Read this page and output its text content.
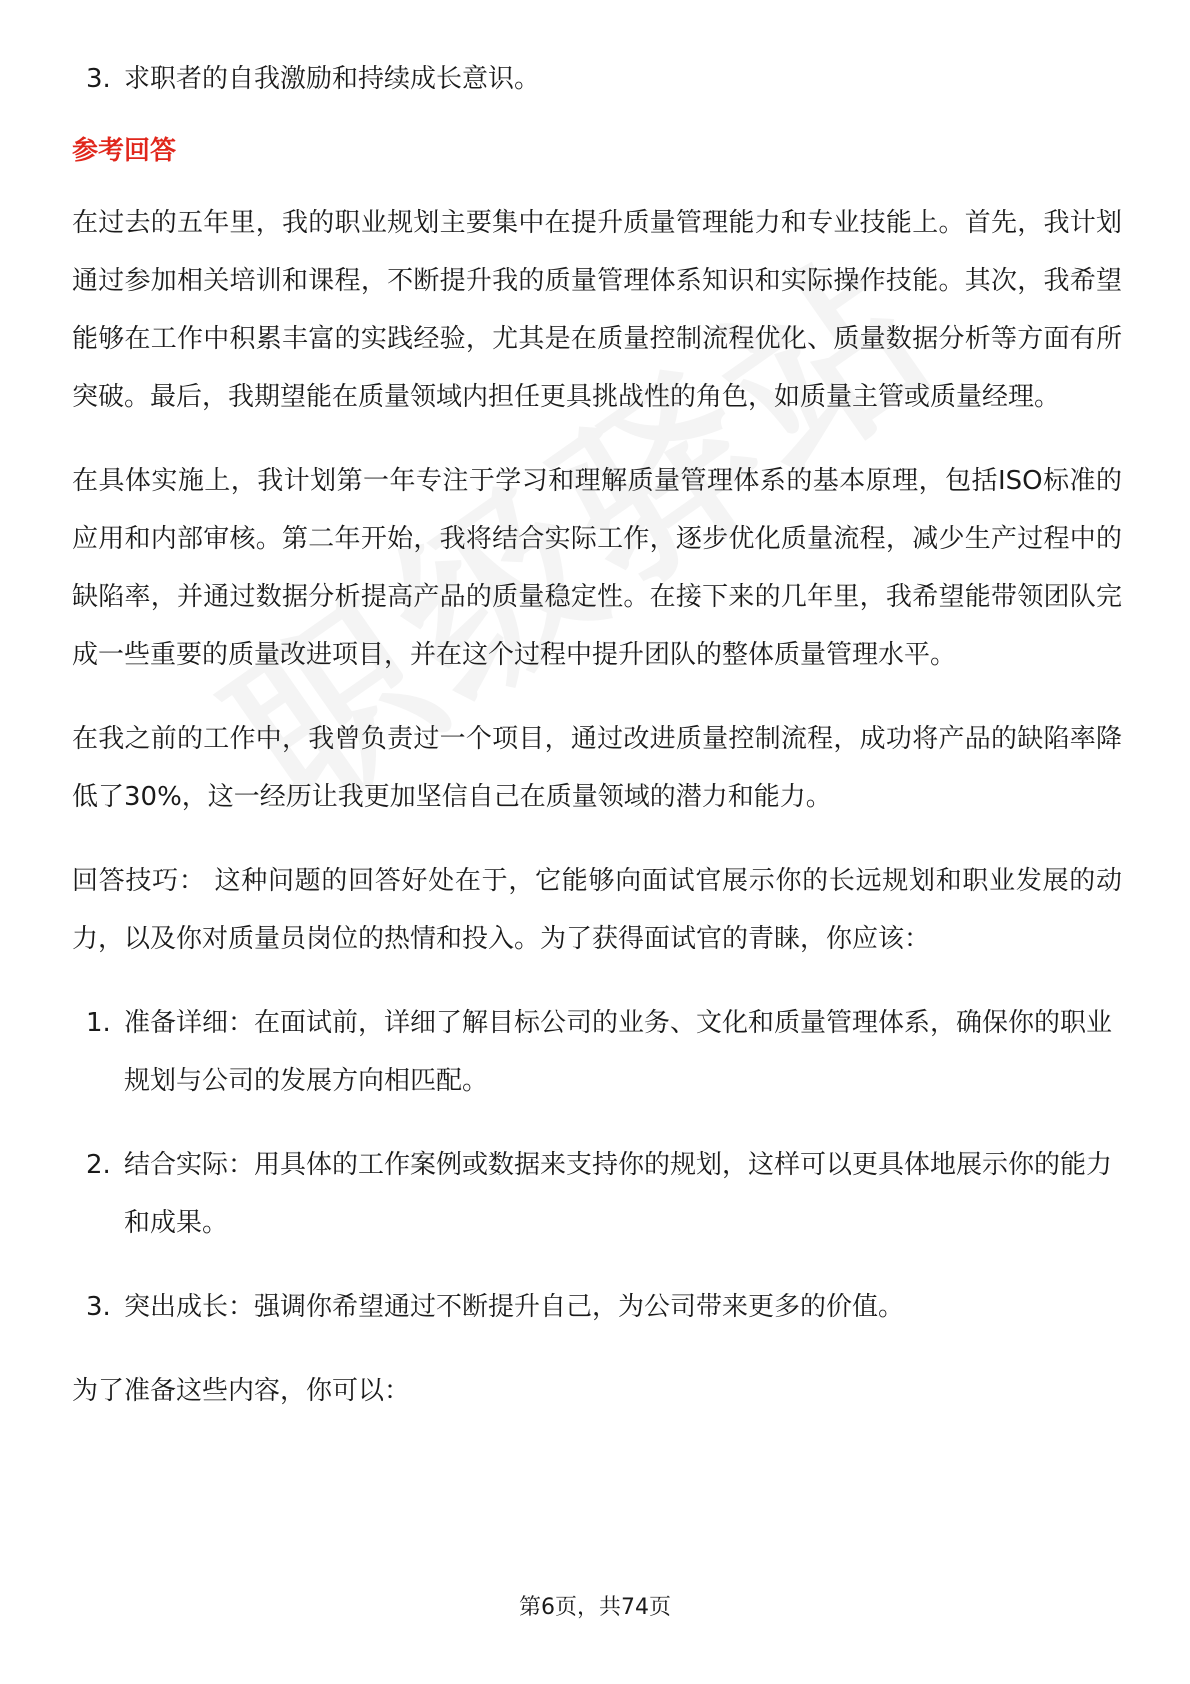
3. 求职者的自我激励和持续成长意识。
参考回答

在过去的五年里，我的职业规划主要集中在提升质量管理能力和专业技能上。首先，我计划通过参加相关培训和课程，不断提升我的质量管理体系知识和实际操作技能。其次，我希望能够在工作中积累丰富的实践经验，尤其是在质量控制流程优化、质量数据分析等方面有所突破。最后，我期望能在质量领域内担任更具挑战性的角色，如质量主管或质量经理。

在具体实施上，我计划第一年专注于学习和理解质量管理体系的基本原理，包括ISO标准的应用和内部审核。第二年开始，我将结合实际工作，逐步优化质量流程，减少生产过程中的缺陷率，并通过数据分析提高产品的质量稳定性。在接下来的几年里，我希望能带领团队完成一些重要的质量改进项目，并在这个过程中提升团队的整体质量管理水平。

在我之前的工作中，我曾负责过一个项目，通过改进质量控制流程，成功将产品的缺陷率降低了30%，这一经历让我更加坚信自己在质量领域的潜力和能力。

回答技巧： 这种问题的回答好处在于，它能够向面试官展示你的长远规划和职业发展的动力，以及你对质量员岗位的热情和投入。为了获得面试官的青睐，你应该：

1. 准备详细：在面试前，详细了解目标公司的业务、文化和质量管理体系，确保你的职业规划与公司的发展方向相匹配。
2. 结合实际：用具体的工作案例或数据来支持你的规划，这样可以更具体地展示你的能力和成果。
3. 突出成长：强调你希望通过不断提升自己，为公司带来更多的价值。

为了准备这些内容，你可以：

第6页，共74页
